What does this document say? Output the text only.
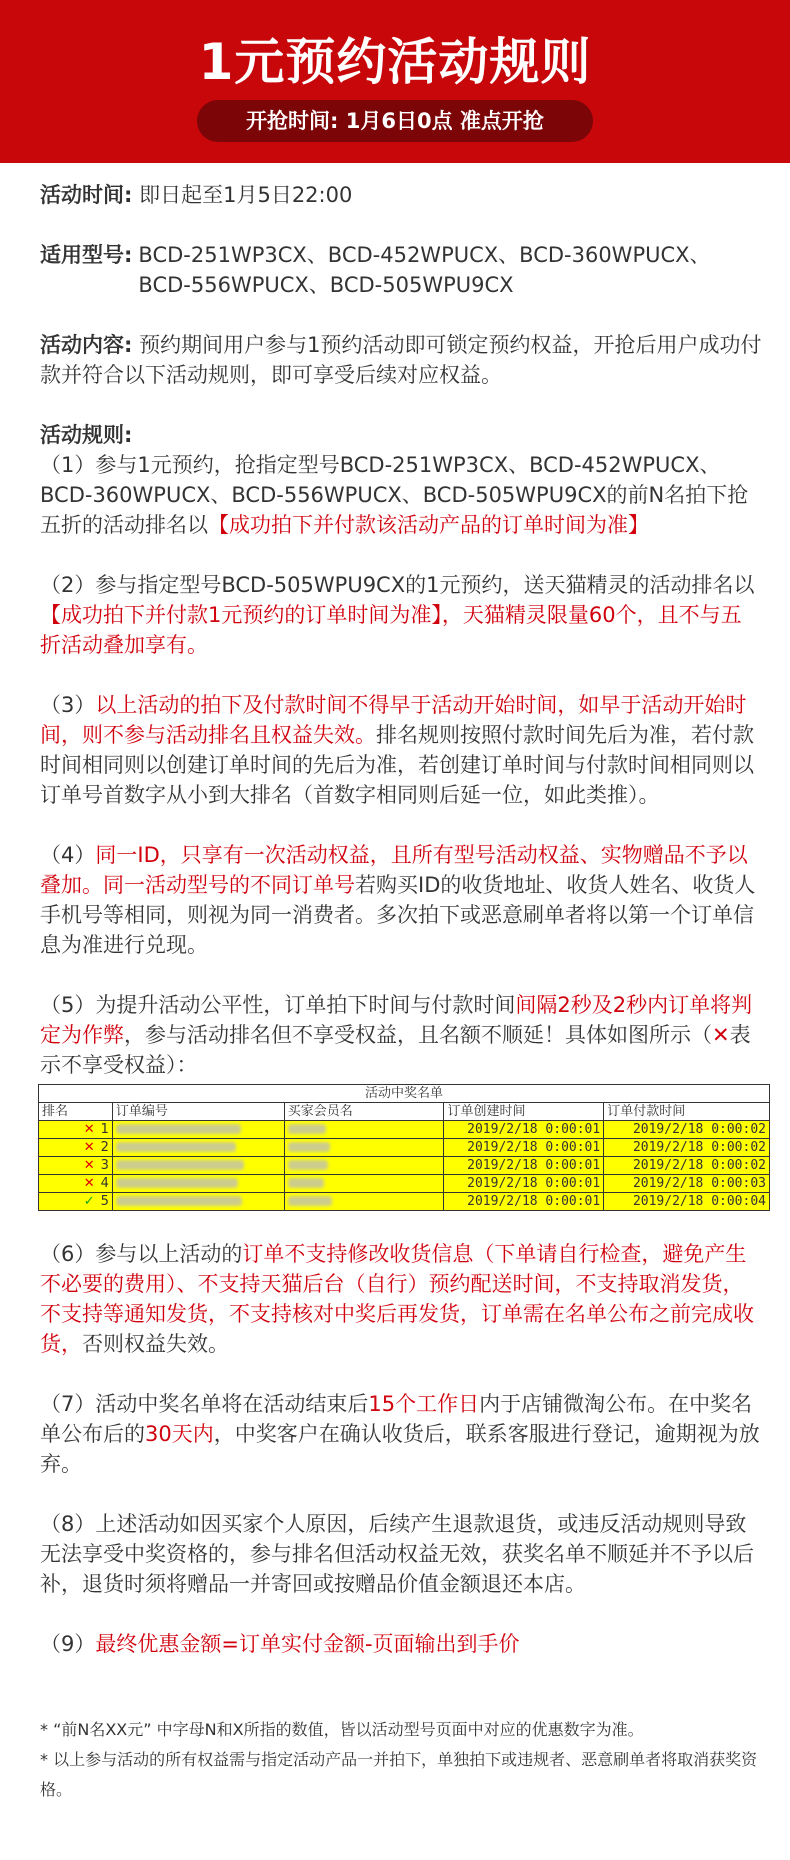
1元预约活动规则
开抢时间: 1月6日0点 准点开抢
活动时间: 即日起至1月5日22:00
适用型号: BCD-251WP3CX、BCD-452WPUCX、BCD-360WPUCX、
BCD-556WPUCX、BCD-505WPU9CX
活动内容: 预约期间用户参与1预约活动即可锁定预约权益，开抢后用户成功付款并符合以下活动规则，即可享受后续对应权益。
活动规则:
（1）参与1元预约，抢指定型号BCD-251WP3CX、BCD-452WPUCX、BCD-360WPUCX、BCD-556WPUCX、BCD-505WPU9CX的前N名拍下抢五折的活动排名以【成功拍下并付款该活动产品的订单时间为准】
（2）参与指定型号BCD-505WPU9CX的1元预约，送天猫精灵的活动排名以【成功拍下并付款1元预约的订单时间为准】，天猫精灵限量60个，且不与五折活动叠加享有。
（3）以上活动的拍下及付款时间不得早于活动开始时间，如早于活动开始时间，则不参与活动排名且权益失效。排名规则按照付款时间先后为准，若付款时间相同则以创建订单时间的先后为准，若创建订单时间与付款时间相同则以订单号首数字从小到大排名（首数字相同则后延一位，如此类推）。
（4）同一ID，只享有一次活动权益，且所有型号活动权益、实物赠品不予以叠加。同一活动型号的不同订单号若购买ID的收货地址、收货人姓名、收货人手机号等相同，则视为同一消费者。多次拍下或恶意刷单者将以第一个订单信息为准进行兑现。
（5）为提升活动公平性，订单拍下时间与付款时间间隔2秒及2秒内订单将判定为作弊，参与活动排名但不享受权益，且名额不顺延！具体如图所示（✕表示不享受权益）：
活动中奖名单				
排名	订单编号	买家会员名	订单创建时间	订单付款时间
✕ 1			2019/2/18 0:00:01	2019/2/18 0:00:02
✕ 2			2019/2/18 0:00:01	2019/2/18 0:00:02
✕ 3			2019/2/18 0:00:01	2019/2/18 0:00:02
✕ 4			2019/2/18 0:00:01	2019/2/18 0:00:03
✓ 5			2019/2/18 0:00:01	2019/2/18 0:00:04
（6）参与以上活动的订单不支持修改收货信息（下单请自行检查，避免产生不必要的费用）、不支持天猫后台（自行）预约配送时间，不支持取消发货，不支持等通知发货，不支持核对中奖后再发货，订单需在名单公布之前完成收货，否则权益失效。
（7）活动中奖名单将在活动结束后15个工作日内于店铺微淘公布。在中奖名单公布后的30天内，中奖客户在确认收货后，联系客服进行登记，逾期视为放弃。
（8）上述活动如因买家个人原因，后续产生退款退货，或违反活动规则导致无法享受中奖资格的，参与排名但活动权益无效，获奖名单不顺延并不予以后补，退货时须将赠品一并寄回或按赠品价值金额退还本店。
（9）最终优惠金额=订单实付金额-页面输出到手价
* “前N名XX元” 中字母N和X所指的数值，皆以活动型号页面中对应的优惠数字为准。
* 以上参与活动的所有权益需与指定活动产品一并拍下，单独拍下或违规者、恶意刷单者将取消获奖资格。
